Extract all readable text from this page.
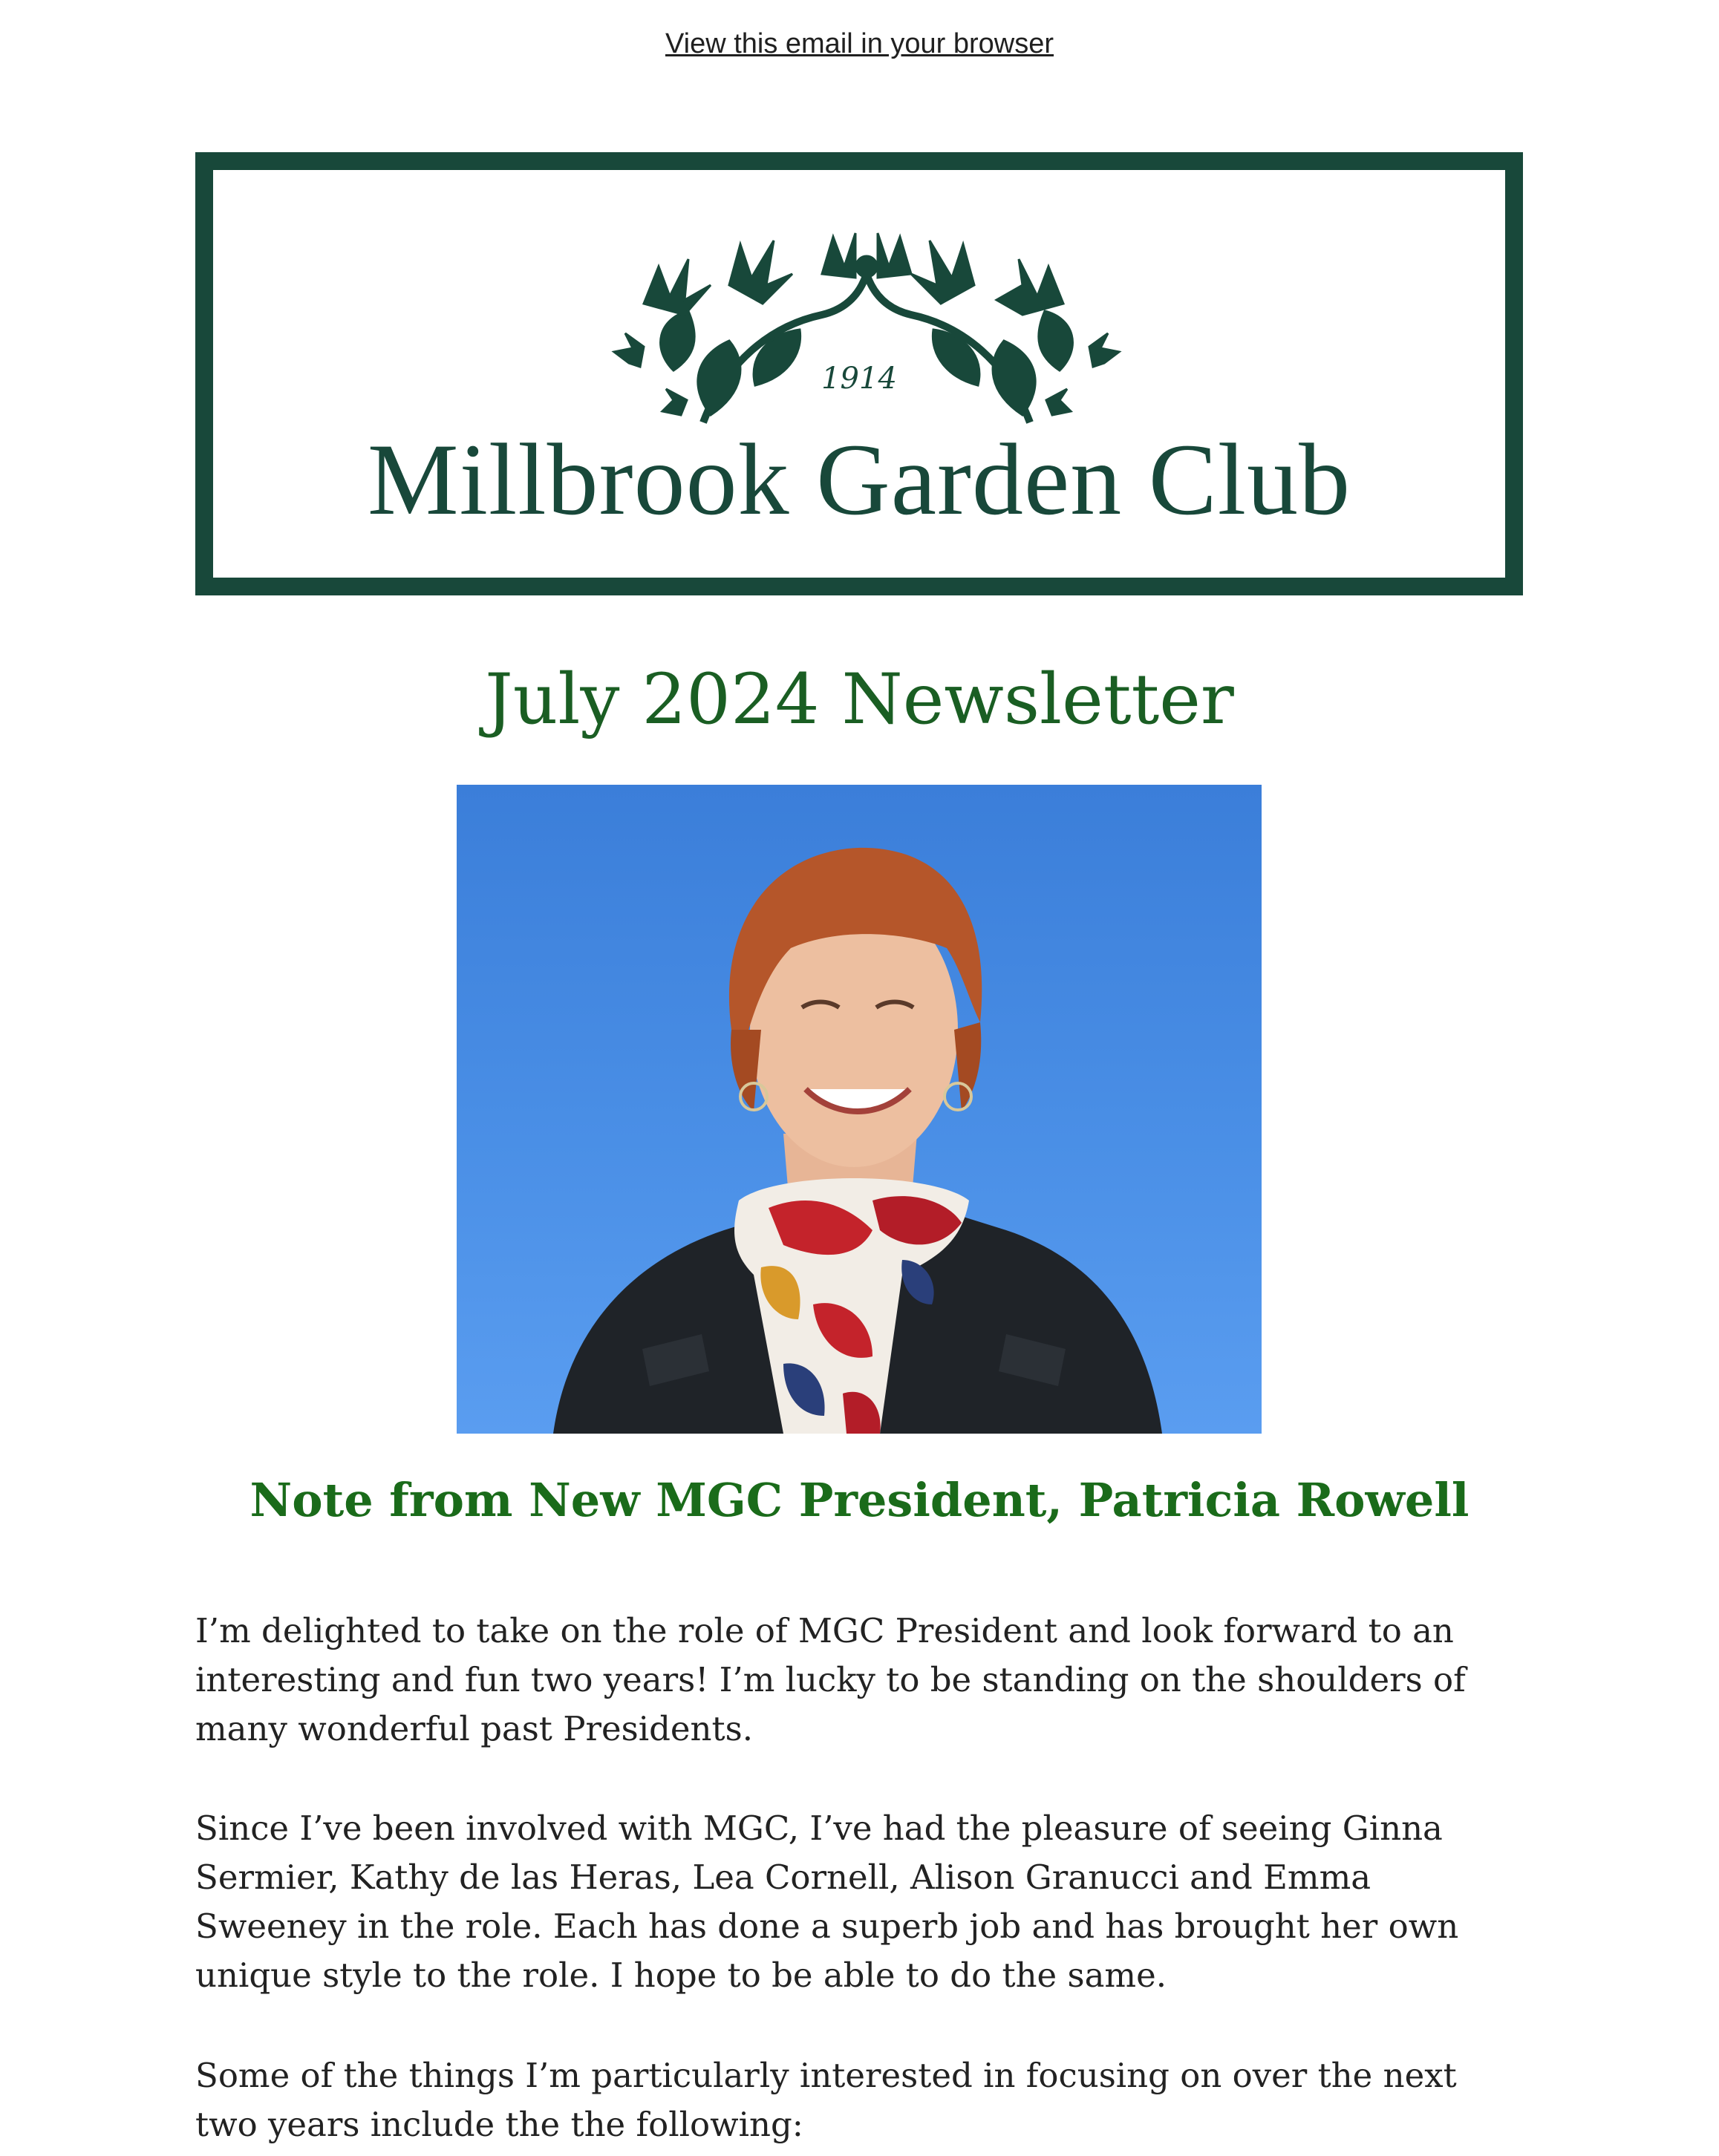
View this email in your browser
1914
Millbrook Garden Club
July 2024 Newsletter
Note from New MGC President, Patricia Rowell

I’m delighted to take on the role of MGC President and look forward to an interesting and fun two years! I’m lucky to be standing on the shoulders of many wonderful past Presidents.

Since I’ve been involved with MGC, I’ve had the pleasure of seeing Ginna Sermier, Kathy de las Heras, Lea Cornell, Alison Granucci and Emma Sweeney in the role. Each has done a superb job and has brought her own unique style to the role. I hope to be able to do the same.

Some of the things I’m particularly interested in focusing on over the next two years include the the following:
